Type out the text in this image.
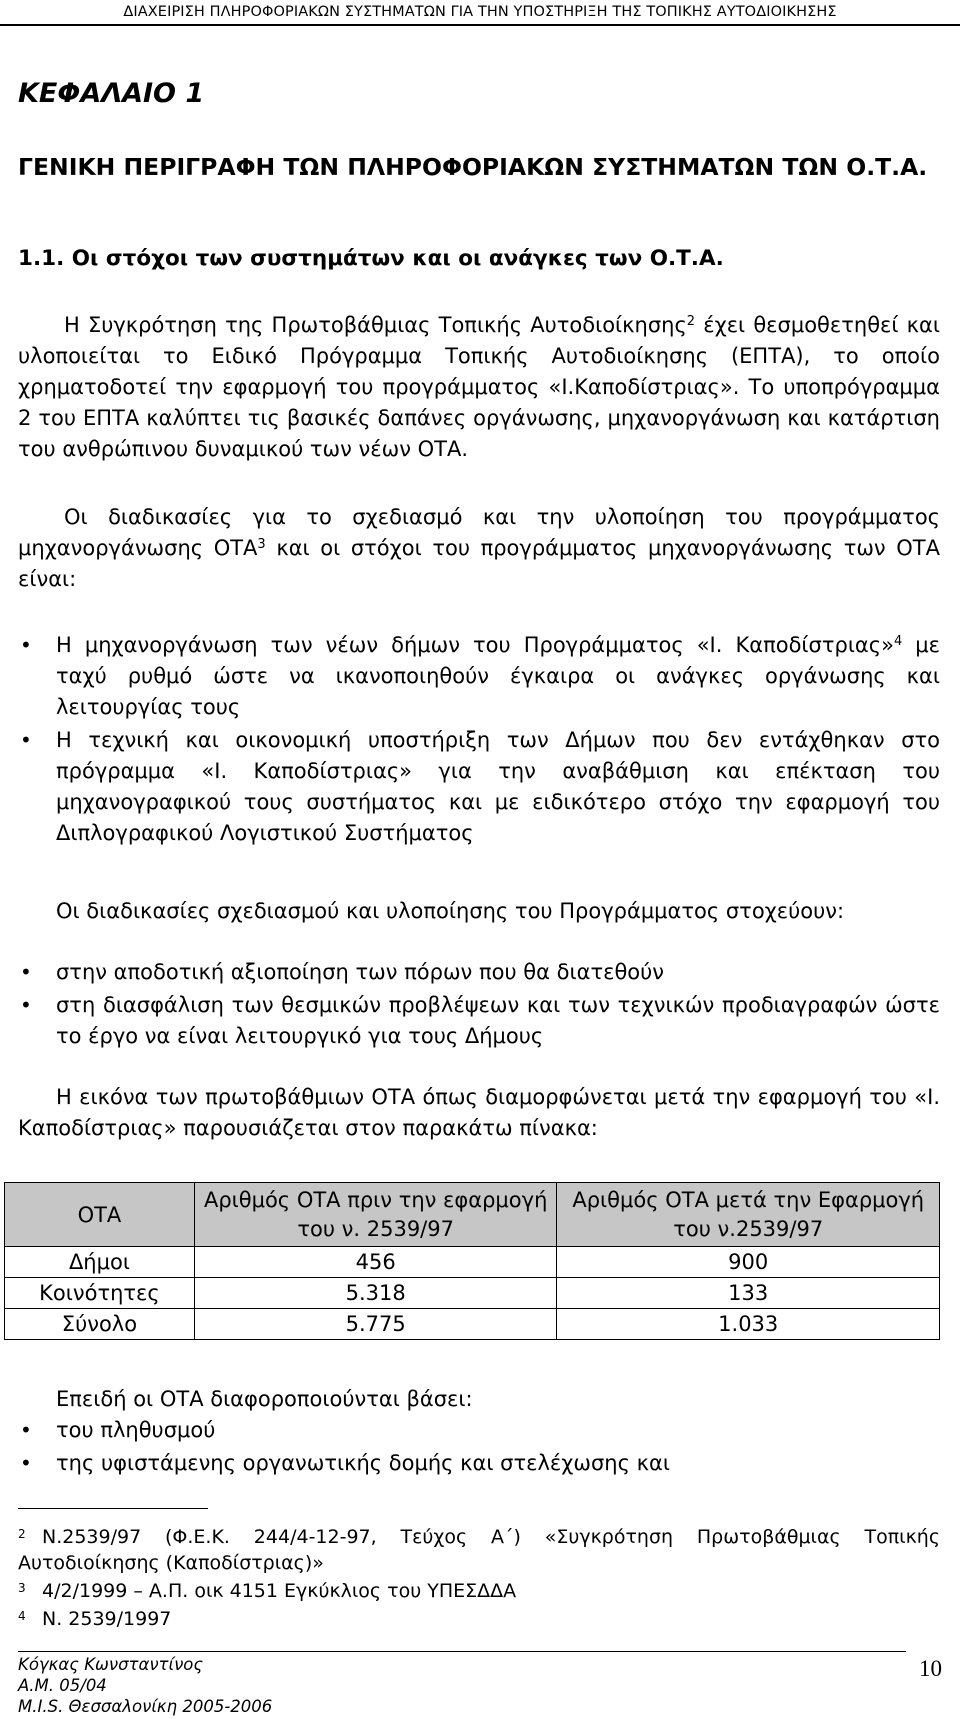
ΔΙΑΧΕΙΡΙΣΗ ΠΛΗΡΟΦΟΡΙΑΚΩΝ ΣΥΣΤΗΜΑΤΩΝ ΓΙΑ ΤΗΝ ΥΠΟΣΤΗΡΙΞΗ ΤΗΣ ΤΟΠΙΚΗΣ ΑΥΤΟΔΙΟΙΚΗΣΗΣ
ΚΕΦΑΛΑΙΟ 1
ΓΕΝΙΚΗ ΠΕΡΙΓΡΑΦΗ ΤΩΝ ΠΛΗΡΟΦΟΡΙΑΚΩΝ ΣΥΣΤΗΜΑΤΩΝ ΤΩΝ Ο.Τ.Α.
1.1. Οι στόχοι των συστημάτων και οι ανάγκες των Ο.Τ.Α.
Η Συγκρότηση της Πρωτοβάθμιας Τοπικής Αυτοδιοίκησης$^2$ έχει θεσμοθετηθεί και υλοποιείται το Ειδικό Πρόγραμμα Τοπικής Αυτοδιοίκησης (ΕΠΤΑ), το οποίο χρηματοδοτεί την εφαρμογή του προγράμματος «Ι.Καποδίστριας». Το υποπρόγραμμα 2 του ΕΠΤΑ καλύπτει τις βασικές δαπάνες οργάνωσης, μηχανοργάνωση και κατάρτιση του ανθρώπινου δυναμικού των νέων ΟΤΑ.
Οι διαδικασίες για το σχεδιασμό και την υλοποίηση του προγράμματος μηχανοργάνωσης ΟΤΑ$^3$ και οι στόχοι του προγράμματος μηχανοργάνωσης των ΟΤΑ είναι:
• Η μηχανοργάνωση των νέων δήμων του Προγράμματος «Ι. Καποδίστριας»$^4$ με ταχύ ρυθμό ώστε να ικανοποιηθούν έγκαιρα οι ανάγκες οργάνωσης και λειτουργίας τους
• Η τεχνική και οικονομική υποστήριξη των Δήμων που δεν εντάχθηκαν στο πρόγραμμα «Ι. Καποδίστριας» για την αναβάθμιση και επέκταση του μηχανογραφικού τους συστήματος και με ειδικότερο στόχο την εφαρμογή του Διπλογραφικού Λογιστικού Συστήματος
Οι διαδικασίες σχεδιασμού και υλοποίησης του Προγράμματος στοχεύουν:
• στην αποδοτική αξιοποίηση των πόρων που θα διατεθούν
• στη διασφάλιση των θεσμικών προβλέψεων και των τεχνικών προδιαγραφών ώστε το έργο να είναι λειτουργικό για τους Δήμους
Η εικόνα των πρωτοβάθμιων ΟΤΑ όπως διαμορφώνεται μετά την εφαρμογή του «Ι. Καποδίστριας» παρουσιάζεται στον παρακάτω πίνακα:
ΟΤΑ	Αριθμός ΟΤΑ πριν την εφαρμογή του ν. 2539/97	Αριθμός ΟΤΑ μετά την Εφαρμογή του ν.2539/97
Δήμοι	456	900
Κοινότητες	5.318	133
Σύνολο	5.775	1.033
Επειδή οι ΟΤΑ διαφοροποιούνται βάσει:
• του πληθυσμού
• της υφιστάμενης οργανωτικής δομής και στελέχωσης και
$^2$ Ν.2539/97 (Φ.Ε.Κ. 244/4-12-97, Τεύχος Α΄) «Συγκρότηση Πρωτοβάθμιας Τοπικής Αυτοδιοίκησης (Καποδίστριας)»
$^3$ 4/2/1999 – Α.Π. οικ 4151 Εγκύκλιος του ΥΠΕΣΔΔΑ
$^4$ Ν. 2539/1997
Κόγκας Κωνσταντίνος
Α.Μ. 05/04
M.I.S. Θεσσαλονίκη 2005-2006
10
